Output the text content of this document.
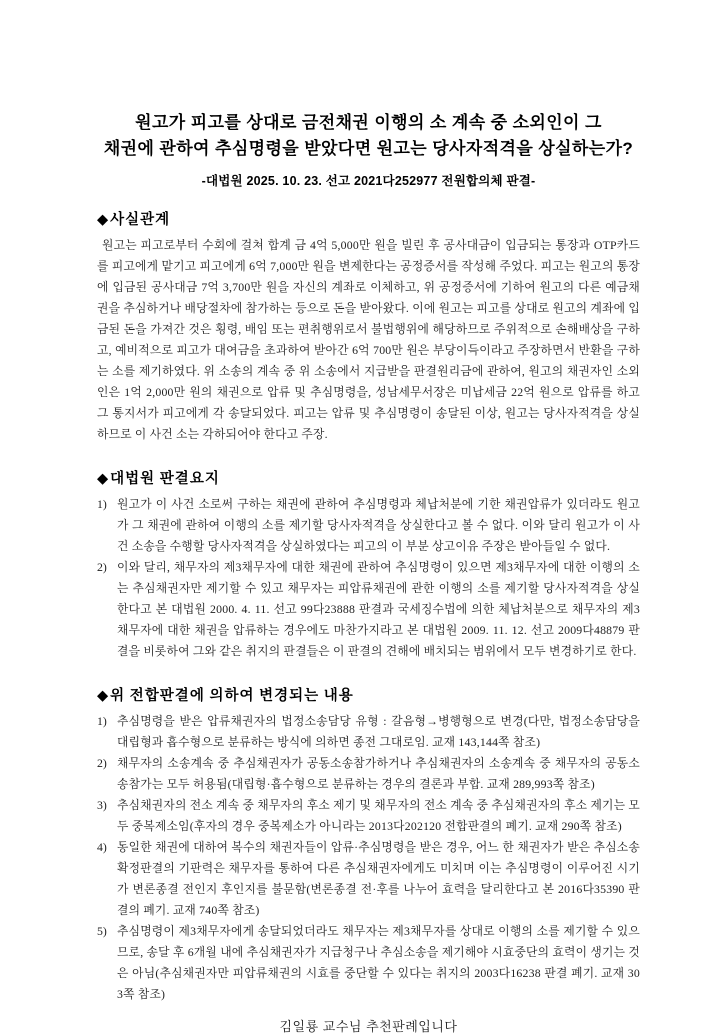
원고가 피고를 상대로 금전채권 이행의 소 계속 중 소외인이 그
채권에 관하여 추심명령을 받았다면 원고는 당사자적격을 상실하는가?

-대법원 2025. 10. 23. 선고 2021다252977 전원합의체 판결-

◆사실관계

원고는 피고로부터 수회에 걸쳐 합계 금 4억 5,000만 원을 빌린 후 공사대금이 입금되는 통장과 OTP카드를 피고에게 맡기고 피고에게 6억 7,000만 원을 변제한다는 공정증서를 작성해 주었다. 피고는 원고의 통장에 입금된 공사대금 7억 3,700만 원을 자신의 계좌로 이체하고, 위 공정증서에 기하여 원고의 다른 예금채권을 추심하거나 배당절차에 참가하는 등으로 돈을 받아왔다. 이에 원고는 피고를 상대로 원고의 계좌에 입금된 돈을 가져간 것은 횡령, 배임 또는 편취행위로서 불법행위에 해당하므로 주위적으로 손해배상을 구하고, 예비적으로 피고가 대여금을 초과하여 받아간 6억 700만 원은 부당이득이라고 주장하면서 반환을 구하는 소를 제기하였다. 위 소송의 계속 중 위 소송에서 지급받을 판결원리금에 관하여, 원고의 채권자인 소외인은 1억 2,000만 원의 채권으로 압류 및 추심명령을, 성남세무서장은 미납세금 22억 원으로 압류를 하고 그 통지서가 피고에게 각 송달되었다. 피고는 압류 및 추심명령이 송달된 이상, 원고는 당사자적격을 상실하므로 이 사건 소는 각하되어야 한다고 주장.

◆대법원 판결요지
1) 원고가 이 사건 소로써 구하는 채권에 관하여 추심명령과 체납처분에 기한 채권압류가 있더라도 원고가 그 채권에 관하여 이행의 소를 제기할 당사자적격을 상실한다고 볼 수 없다. 이와 달리 원고가 이 사건 소송을 수행할 당사자적격을 상실하였다는 피고의 이 부분 상고이유 주장은 받아들일 수 없다.
2) 이와 달리, 채무자의 제3채무자에 대한 채권에 관하여 추심명령이 있으면 제3채무자에 대한 이행의 소는 추심채권자만 제기할 수 있고 채무자는 피압류채권에 관한 이행의 소를 제기할 당사자적격을 상실한다고 본 대법원 2000. 4. 11. 선고 99다23888 판결과 국세징수법에 의한 체납처분으로 채무자의 제3채무자에 대한 채권을 압류하는 경우에도 마찬가지라고 본 대법원 2009. 11. 12. 선고 2009다48879 판결을 비롯하여 그와 같은 취지의 판결들은 이 판결의 견해에 배치되는 범위에서 모두 변경하기로 한다.
◆위 전합판결에 의하여 변경되는 내용
1) 추심명령을 받은 압류채권자의 법정소송담당 유형 : 갈음형→병행형으로 변경(다만, 법정소송담당을 대립형과 흡수형으로 분류하는 방식에 의하면 종전 그대로임. 교재 143,144쪽 참조)
2) 채무자의 소송계속 중 추심채권자가 공동소송참가하거나 추심채권자의 소송계속 중 채무자의 공동소송참가는 모두 허용됨(대립형·흡수형으로 분류하는 경우의 결론과 부합. 교재 289,993쪽 참조)
3) 추심채권자의 전소 계속 중 채무자의 후소 제기 및 채무자의 전소 계속 중 추심채권자의 후소 제기는 모두 중복제소임(후자의 경우 중복제소가 아니라는 2013다202120 전합판결의 폐기. 교재 290쪽 참조)
4) 동일한 채권에 대하여 복수의 채권자들이 압류·추심명령을 받은 경우, 어느 한 채권자가 받은 추심소송 확정판결의 기판력은 채무자를 통하여 다른 추심채권자에게도 미치며 이는 추심명령이 이루어진 시기가 변론종결 전인지 후인지를 불문함(변론종결 전·후를 나누어 효력을 달리한다고 본 2016다35390 판결의 폐기. 교재 740쪽 참조)
5) 추심명령이 제3채무자에게 송달되었더라도 채무자는 제3채무자를 상대로 이행의 소를 제기할 수 있으므로, 송달 후 6개월 내에 추심채권자가 지급청구나 추심소송을 제기해야 시효중단의 효력이 생기는 것은 아님(추심채권자만 피압류채권의 시효를 중단할 수 있다는 취지의 2003다16238 판결 폐기. 교재 303쪽 참조)

김일룡 교수님 추천판례입니다
